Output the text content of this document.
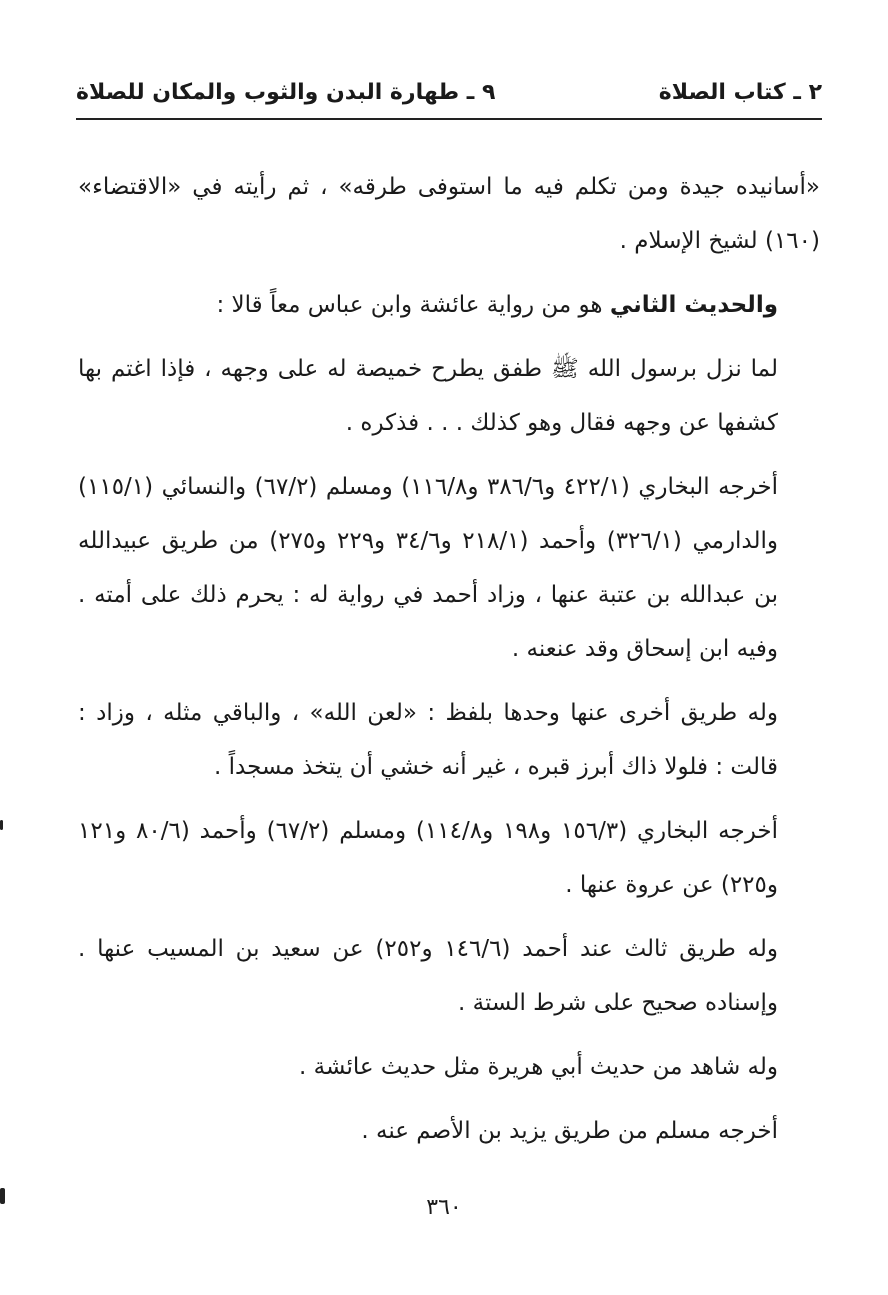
٢ ـ كتاب الصلاة
٩ ـ طهارة البدن والثوب والمكان للصلاة

«أسانيده جيدة ومن تكلم فيه ما استوفى طرقه» ، ثم رأيته في «الاقتضاء» (١٦٠) لشيخ الإسلام .

والحديث الثاني هو من رواية عائشة وابن عباس معاً قالا :

لما نزل برسول الله ﷺ طفق يطرح خميصة له على وجهه ، فإذا اغتم بها كشفها عن وجهه فقال وهو كذلك . . . فذكره .

أخرجه البخاري (٤٢٢/١ و٣٨٦/٦ و١١٦/٨) ومسلم (٦٧/٢) والنسائي (١١٥/١) والدارمي (٣٢٦/١) وأحمد (٢١٨/١ و٣٤/٦ و٢٢٩ و٢٧٥) من طريق عبيدالله بن عبدالله بن عتبة عنها ، وزاد أحمد في رواية له : يحرم ذلك على أمته . وفيه ابن إسحاق وقد عنعنه .

وله طريق أخرى عنها وحدها بلفظ : «لعن الله» ، والباقي مثله ، وزاد : قالت : فلولا ذاك أبرز قبره ، غير أنه خشي أن يتخذ مسجداً .

أخرجه البخاري (١٥٦/٣ و١٩٨ و١١٤/٨) ومسلم (٦٧/٢) وأحمد (٨٠/٦ و١٢١ و٢٢٥) عن عروة عنها .

وله طريق ثالث عند أحمد (١٤٦/٦ و٢٥٢) عن سعيد بن المسيب عنها . وإسناده صحيح على شرط الستة .

وله شاهد من حديث أبي هريرة مثل حديث عائشة .

أخرجه مسلم من طريق يزيد بن الأصم عنه .

٣٦٠
